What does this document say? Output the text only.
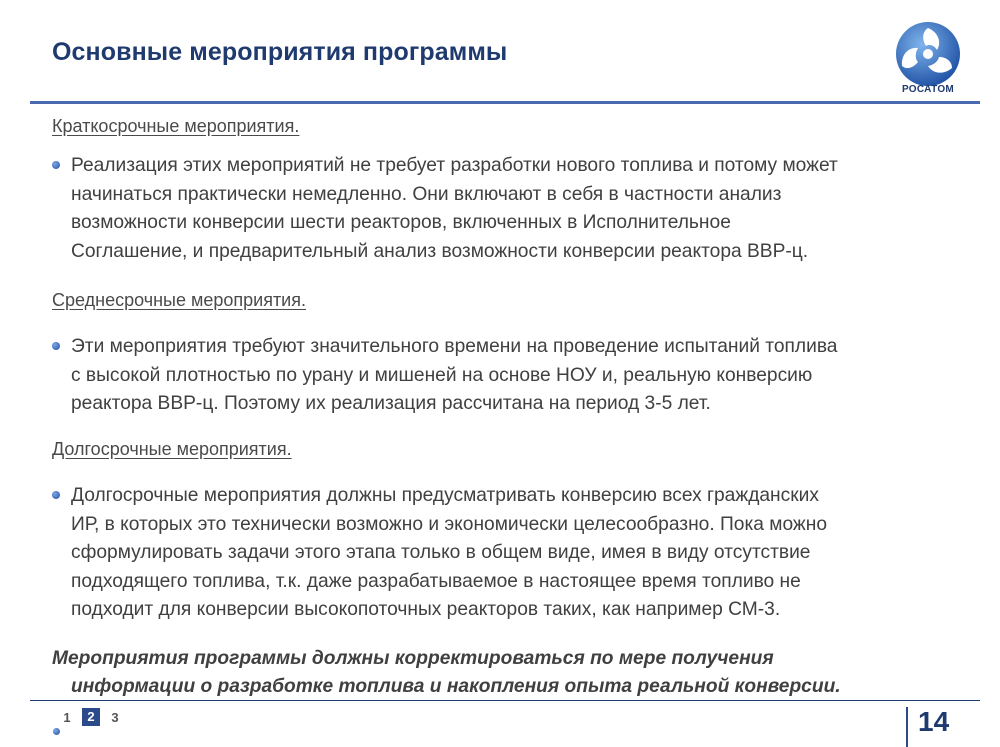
Основные мероприятия программы
РОСАТОМ

Краткосрочные мероприятия.

Реализация этих мероприятий не требует разработки нового топлива и потому может
начинаться практически немедленно. Они включают в себя в частности анализ
возможности конверсии шести реакторов, включенных в Исполнительное
Соглашение, и предварительный анализ возможности конверсии реактора ВВР-ц.

Среднесрочные мероприятия.

Эти мероприятия требуют значительного времени на проведение испытаний топлива
с высокой плотностью по урану и мишеней на основе НОУ и, реальную конверсию
реактора ВВР-ц. Поэтому их реализация рассчитана на период 3-5 лет.

Долгосрочные мероприятия.

Долгосрочные мероприятия должны предусматривать конверсию всех гражданских
ИР, в которых это технически возможно и экономически целесообразно. Пока можно
сформулировать задачи этого этапа только в общем виде, имея в виду отсутствие
подходящего топлива, т.к. даже разрабатываемое в настоящее время топливо не
подходит для конверсии высокопоточных реакторов таких, как например СМ-3.
Мероприятия программы должны корректироваться по мере получения
информации о разработке топлива и накопления опыта реальной конверсии.
1	2	3	14
